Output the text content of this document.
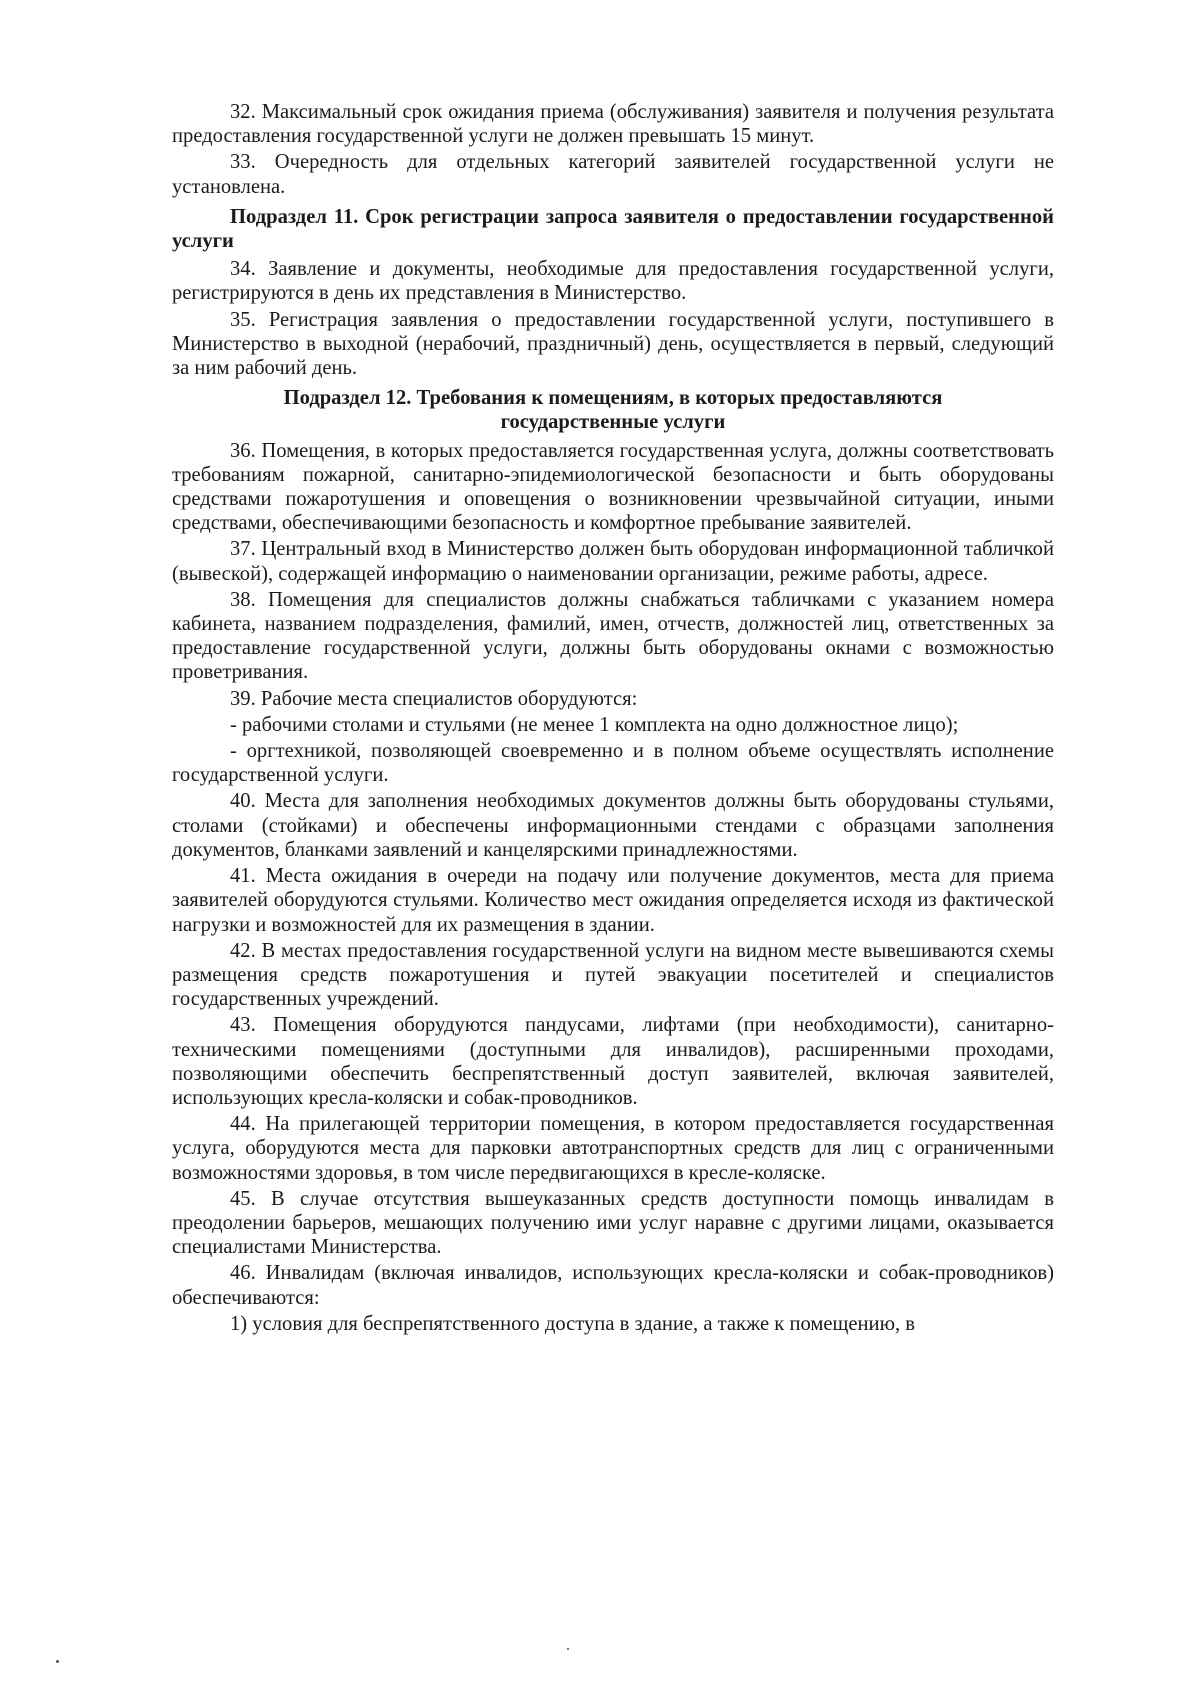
32. Максимальный срок ожидания приема (обслуживания) заявителя и получения результата предоставления государственной услуги не должен превышать 15 минут.

33. Очередность для отдельных категорий заявителей государственной услуги не установлена.

Подраздел 11. Срок регистрации запроса заявителя о предоставлении государственной услуги

34. Заявление и документы, необходимые для предоставления государственной услуги, регистрируются в день их представления в Министерство.

35. Регистрация заявления о предоставлении государственной услуги, поступившего в Министерство в выходной (нерабочий, праздничный) день, осуществляется в первый, следующий за ним рабочий день.

Подраздел 12. Требования к помещениям, в которых предоставляются государственные услуги

36. Помещения, в которых предоставляется государственная услуга, должны соответствовать требованиям пожарной, санитарно-эпидемиологической безопасности и быть оборудованы средствами пожаротушения и оповещения о возникновении чрезвычайной ситуации, иными средствами, обеспечивающими безопасность и комфортное пребывание заявителей.

37. Центральный вход в Министерство должен быть оборудован информационной табличкой (вывеской), содержащей информацию о наименовании организации, режиме работы, адресе.

38. Помещения для специалистов должны снабжаться табличками с указанием номера кабинета, названием подразделения, фамилий, имен, отчеств, должностей лиц, ответственных за предоставление государственной услуги, должны быть оборудованы окнами с возможностью проветривания.

39. Рабочие места специалистов оборудуются:

- рабочими столами и стульями (не менее 1 комплекта на одно должностное лицо);

- оргтехникой, позволяющей своевременно и в полном объеме осуществлять исполнение государственной услуги.

40. Места для заполнения необходимых документов должны быть оборудованы стульями, столами (стойками) и обеспечены информационными стендами с образцами заполнения документов, бланками заявлений и канцелярскими принадлежностями.

41. Места ожидания в очереди на подачу или получение документов, места для приема заявителей оборудуются стульями. Количество мест ожидания определяется исходя из фактической нагрузки и возможностей для их размещения в здании.

42. В местах предоставления государственной услуги на видном месте вывешиваются схемы размещения средств пожаротушения и путей эвакуации посетителей и специалистов государственных учреждений.

43. Помещения оборудуются пандусами, лифтами (при необходимости), санитарно-техническими помещениями (доступными для инвалидов), расширенными проходами, позволяющими обеспечить беспрепятственный доступ заявителей, включая заявителей, использующих кресла-коляски и собак-проводников.

44. На прилегающей территории помещения, в котором предоставляется государственная услуга, оборудуются места для парковки автотранспортных средств для лиц с ограниченными возможностями здоровья, в том числе передвигающихся в кресле-коляске.

45. В случае отсутствия вышеуказанных средств доступности помощь инвалидам в преодолении барьеров, мешающих получению ими услуг наравне с другими лицами, оказывается специалистами Министерства.

46. Инвалидам (включая инвалидов, использующих кресла-коляски и собак-проводников) обеспечиваются:

1) условия для беспрепятственного доступа в здание, а также к помещению, в
